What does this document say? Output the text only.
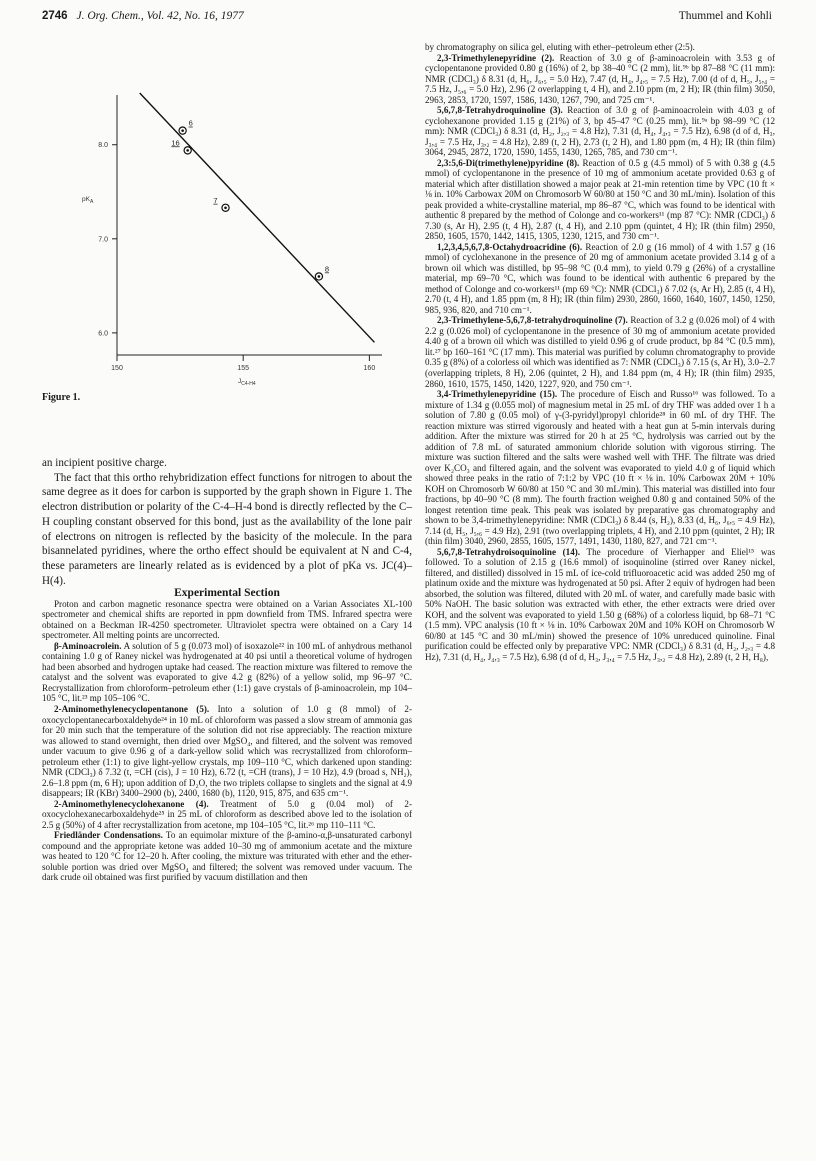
2746 J. Org. Chem., Vol. 42, No. 16, 1977	Thummel and Kohli
8.0
7.0
6.0
150	155	160
6
16
7
8
$pK_A$
$J_{C4-H4}$
Figure 1.

an incipient positive charge.

The fact that this ortho rehybridization effect functions for nitrogen to about the same degree as it does for carbon is supported by the graph shown in Figure 1. The electron distribution or polarity of the C-4–H-4 bond is directly reflected by the C–H coupling constant observed for this bond, just as the availability of the lone pair of electrons on nitrogen is reflected by the basicity of the molecule. In the para bisannelated pyridines, where the ortho effect should be equivalent at N and C-4, these parameters are linearly related as is evidenced by a plot of pKa vs. JC(4)–H(4).

Experimental Section

Proton and carbon magnetic resonance spectra were obtained on a Varian Associates XL-100 spectrometer and chemical shifts are reported in ppm downfield from TMS. Infrared spectra were obtained on a Beckman IR-4250 spectrometer. Ultraviolet spectra were obtained on a Cary 14 spectrometer. All melting points are uncorrected.

β-Aminoacrolein. A solution of 5 g (0.073 mol) of isoxazole²² in 100 mL of anhydrous methanol containing 1.0 g of Raney nickel was hydrogenated at 40 psi until a theoretical volume of hydrogen had been absorbed and hydrogen uptake had ceased. The reaction mixture was filtered to remove the catalyst and the solvent was evaporated to give 4.2 g (82%) of a yellow solid, mp 96–97 °C. Recrystallization from chloroform–petroleum ether (1:1) gave crystals of β-aminoacrolein, mp 104–105 °C, lit.²³ mp 105–106 °C.

2-Aminomethylenecyclopentanone (5). Into a solution of 1.0 g (8 mmol) of 2-oxocyclopentanecarboxaldehyde²⁴ in 10 mL of chloroform was passed a slow stream of ammonia gas for 20 min such that the temperature of the solution did not rise appreciably. The reaction mixture was allowed to stand overnight, then dried over MgSO₄, and filtered, and the solvent was removed under vacuum to give 0.96 g of a dark-yellow solid which was recrystallized from chloroform–petroleum ether (1:1) to give light-yellow crystals, mp 109–110 °C, which darkened upon standing: NMR (CDCl₃) δ 7.32 (t, =CH (cis), J = 10 Hz), 6.72 (t, =CH (trans), J = 10 Hz), 4.9 (broad s, NH₂), 2.6–1.8 ppm (m, 6 H); upon addition of D₂O, the two triplets collapse to singlets and the signal at 4.9 disappears; IR (KBr) 3400–2900 (b), 2400, 1680 (b), 1120, 915, 875, and 635 cm⁻¹.

2-Aminomethylenecyclohexanone (4). Treatment of 5.0 g (0.04 mol) of 2-oxocyclohexanecarboxaldehyde²⁵ in 25 mL of chloroform as described above led to the isolation of 2.5 g (50%) of 4 after recrystallization from acetone, mp 104–105 °C, lit.²⁶ mp 110–111 °C.

Friedländer Condensations. To an equimolar mixture of the β-amino-α,β-unsaturated carbonyl compound and the appropriate ketone was added 10–30 mg of ammonium acetate and the mixture was heated to 120 °C for 12–20 h. After cooling, the mixture was triturated with ether and the ether-soluble portion was dried over MgSO₄ and filtered; the solvent was removed under vacuum. The dark crude oil obtained was first purified by vacuum distillation and then

by chromatography on silica gel, eluting with ether–petroleum ether (2:5).

2,3-Trimethylenepyridine (2). Reaction of 3.0 g of β-aminoacrolein with 3.53 g of cyclopentanone provided 0.80 g (16%) of 2, bp 38–40 °C (2 mm), lit.⁹ᵇ bp 87–88 °C (11 mm): NMR (CDCl₃) δ 8.31 (d, H₆, J₆,₅ = 5.0 Hz), 7.47 (d, H₄, J₄,₅ = 7.5 Hz), 7.00 (d of d, H₅, J₅,₄ = 7.5 Hz, J₅,₆ = 5.0 Hz), 2.96 (2 overlapping t, 4 H), and 2.10 ppm (m, 2 H); IR (thin film) 3050, 2963, 2853, 1720, 1597, 1586, 1430, 1267, 790, and 725 cm⁻¹.

5,6,7,8-Tetrahydroquinoline (3). Reaction of 3.0 g of β-aminoacrolein with 4.03 g of cyclohexanone provided 1.15 g (21%) of 3, bp 45–47 °C (0.25 mm), lit.⁹ᵃ bp 98–99 °C (12 mm): NMR (CDCl₃) δ 8.31 (d, H₂, J₂,₃ = 4.8 Hz), 7.31 (d, H₄, J₄,₃ = 7.5 Hz), 6.98 (d of d, H₃, J₃,₄ = 7.5 Hz, J₃,₂ = 4.8 Hz), 2.89 (t, 2 H), 2.73 (t, 2 H), and 1.80 ppm (m, 4 H); IR (thin film) 3064, 2945, 2872, 1720, 1590, 1455, 1430, 1265, 785, and 730 cm⁻¹.

2,3:5,6-Di(trimethylene)pyridine (8). Reaction of 0.5 g (4.5 mmol) of 5 with 0.38 g (4.5 mmol) of cyclopentanone in the presence of 10 mg of ammonium acetate provided 0.63 g of material which after distillation showed a major peak at 21-min retention time by VPC (10 ft × ⅛ in. 10% Carbowax 20M on Chromosorb W 60/80 at 150 °C and 30 mL/min). Isolation of this peak provided a white-crystalline material, mp 86–87 °C, which was found to be identical with authentic 8 prepared by the method of Colonge and co-workers¹¹ (mp 87 °C): NMR (CDCl₃) δ 7.30 (s, Ar H), 2.95 (t, 4 H), 2.87 (t, 4 H), and 2.10 ppm (quintet, 4 H); IR (thin film) 2950, 2850, 1605, 1570, 1442, 1415, 1305, 1230, 1215, and 730 cm⁻¹.

1,2,3,4,5,6,7,8-Octahydroacridine (6). Reaction of 2.0 g (16 mmol) of 4 with 1.57 g (16 mmol) of cyclohexanone in the presence of 20 mg of ammonium acetate provided 3.14 g of a brown oil which was distilled, bp 95–98 °C (0.4 mm), to yield 0.79 g (26%) of a crystalline material, mp 69–70 °C, which was found to be identical with authentic 6 prepared by the method of Colonge and co-workers¹¹ (mp 69 °C): NMR (CDCl₃) δ 7.02 (s, Ar H), 2.85 (t, 4 H), 2.70 (t, 4 H), and 1.85 ppm (m, 8 H); IR (thin film) 2930, 2860, 1660, 1640, 1607, 1450, 1250, 985, 936, 820, and 710 cm⁻¹.

2,3-Trimethylene-5,6,7,8-tetrahydroquinoline (7). Reaction of 3.2 g (0.026 mol) of 4 with 2.2 g (0.026 mol) of cyclopentanone in the presence of 30 mg of ammonium acetate provided 4.40 g of a brown oil which was distilled to yield 0.96 g of crude product, bp 84 °C (0.5 mm), lit.²⁷ bp 160–161 °C (17 mm). This material was purified by column chromatography to provide 0.35 g (8%) of a colorless oil which was identified as 7: NMR (CDCl₃) δ 7.15 (s, Ar H), 3.0–2.7 (overlapping triplets, 8 H), 2.06 (quintet, 2 H), and 1.84 ppm (m, 4 H); IR (thin film) 2935, 2860, 1610, 1575, 1450, 1420, 1227, 920, and 750 cm⁻¹.

3,4-Trimethylenepyridine (15). The procedure of Eisch and Russo¹⁶ was followed. To a mixture of 1.34 g (0.055 mol) of magnesium metal in 25 mL of dry THF was added over 1 h a solution of 7.80 g (0.05 mol) of γ-(3-pyridyl)propyl chloride²⁸ in 60 mL of dry THF. The reaction mixture was stirred vigorously and heated with a heat gun at 5-min intervals during addition. After the mixture was stirred for 20 h at 25 °C, hydrolysis was carried out by the addition of 7.8 mL of saturated ammonium chloride solution with vigorous stirring. The mixture was suction filtered and the salts were washed well with THF. The filtrate was dried over K₂CO₃ and filtered again, and the solvent was evaporated to yield 4.0 g of liquid which showed three peaks in the ratio of 7:1:2 by VPC (10 ft × ⅛ in. 10% Carbowax 20M + 10% KOH on Chromosorb W 60/80 at 150 °C and 30 mL/min). This material was distilled into four fractions, bp 40–90 °C (8 mm). The fourth fraction weighed 0.80 g and contained 50% of the longest retention time peak. This peak was isolated by preparative gas chromatography and shown to be 3,4-trimethylenepyridine: NMR (CDCl₃) δ 8.44 (s, H₂), 8.33 (d, H₆, J₆,₅ = 4.9 Hz), 7.14 (d, H₅, J₅,₆ = 4.9 Hz), 2.91 (two overlapping triplets, 4 H), and 2.10 ppm (quintet, 2 H); IR (thin film) 3040, 2960, 2855, 1605, 1577, 1491, 1430, 1180, 827, and 721 cm⁻¹.

5,6,7,8-Tetrahydroisoquinoline (14). The procedure of Vierhapper and Eliel¹⁵ was followed. To a solution of 2.15 g (16.6 mmol) of isoquinoline (stirred over Raney nickel, filtered, and distilled) dissolved in 15 mL of ice-cold trifluoroacetic acid was added 250 mg of platinum oxide and the mixture was hydrogenated at 50 psi. After 2 equiv of hydrogen had been absorbed, the solution was filtered, diluted with 20 mL of water, and carefully made basic with 50% NaOH. The basic solution was extracted with ether, the ether extracts were dried over KOH, and the solvent was evaporated to yield 1.50 g (68%) of a colorless liquid, bp 68–71 °C (1.5 mm). VPC analysis (10 ft × ⅛ in. 10% Carbowax 20M and 10% KOH on Chromosorb W 60/80 at 145 °C and 30 mL/min) showed the presence of 10% unreduced quinoline. Final purification could be effected only by preparative VPC: NMR (CDCl₃) δ 8.31 (d, H₂, J₂,₃ = 4.8 Hz), 7.31 (d, H₄, J₄,₃ = 7.5 Hz), 6.98 (d of d, H₃, J₃,₄ = 7.5 Hz, J₃,₂ = 4.8 Hz), 2.89 (t, 2 H, H₈),
